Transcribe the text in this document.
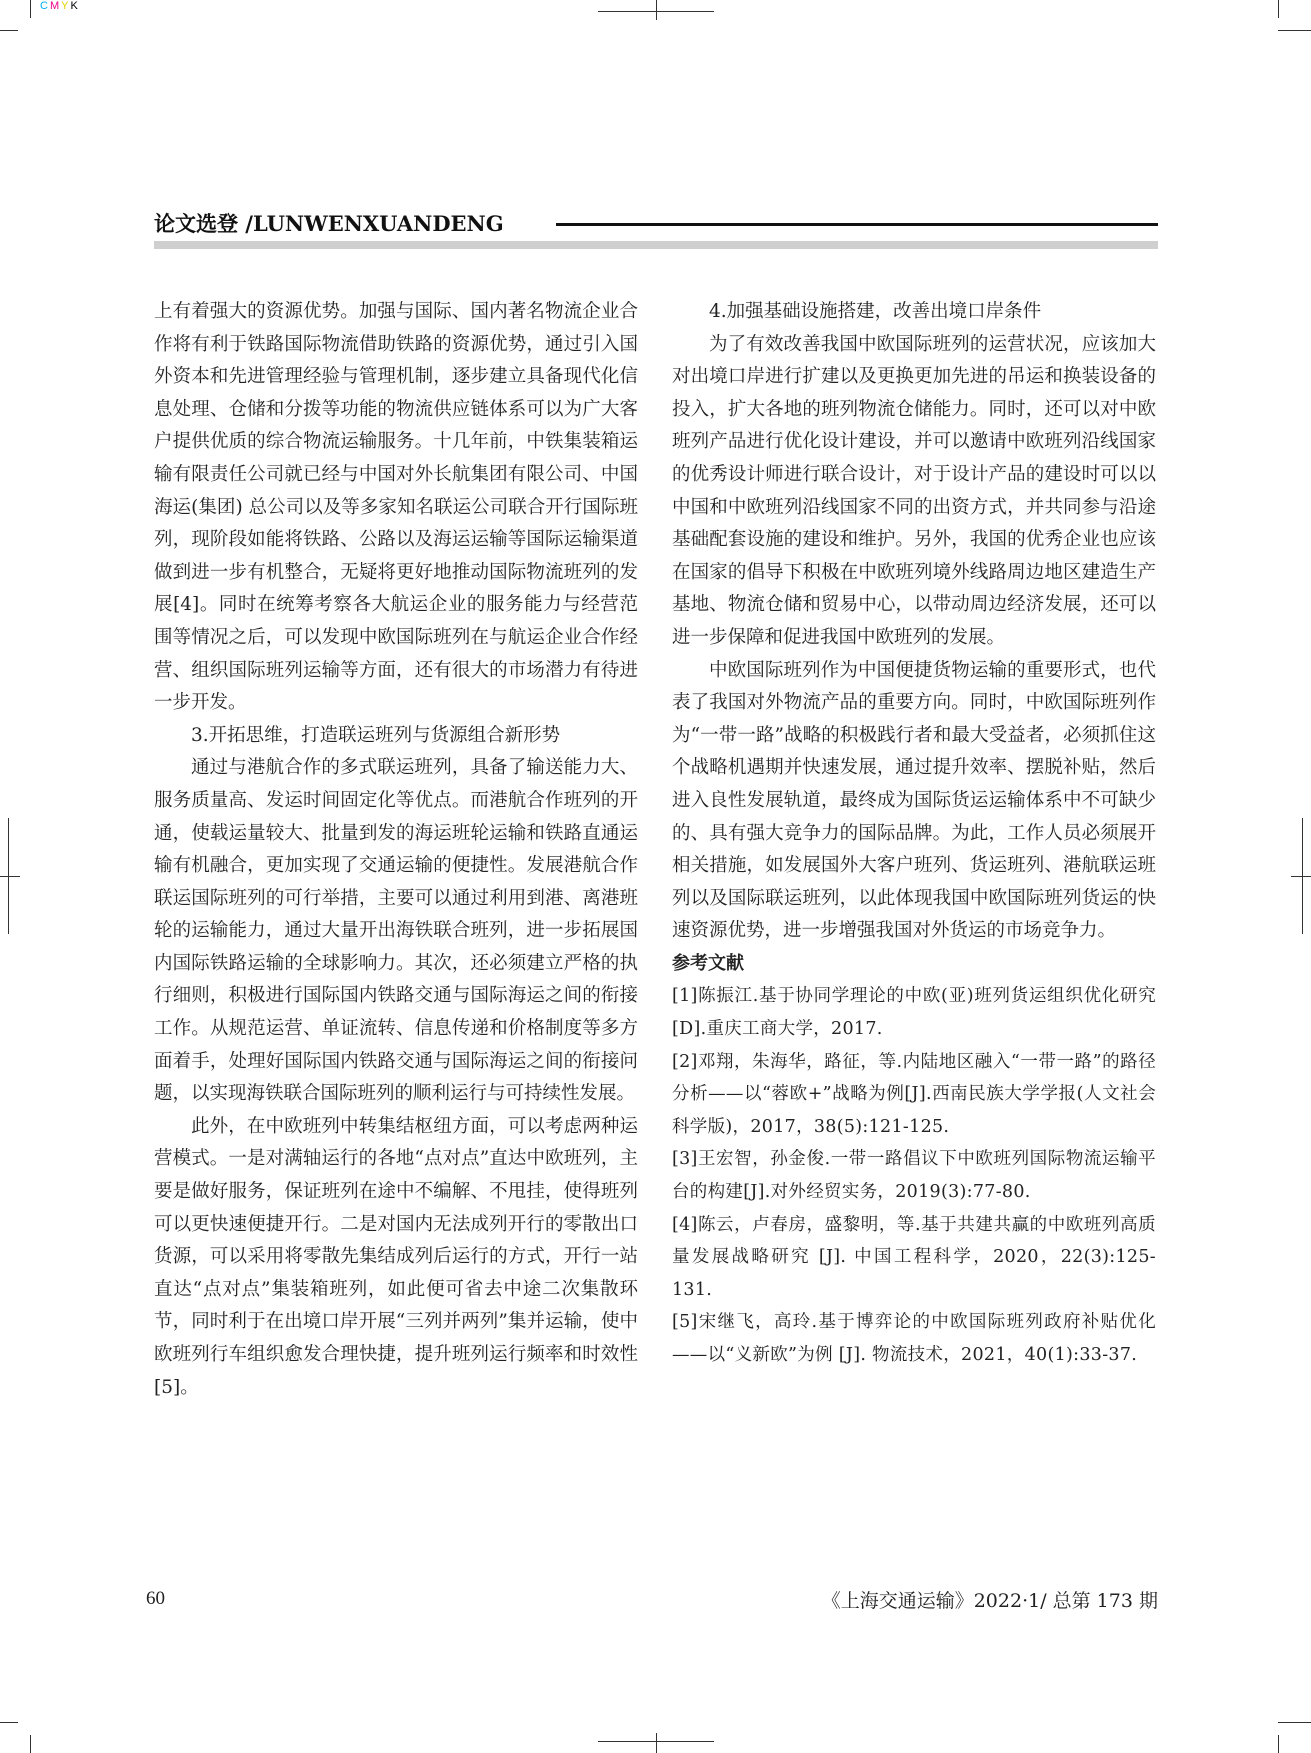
CMYK
论文选登 /LUNWENXUANDENG

上有着强大的资源优势。加强与国际、国内著名物流企业合作将有利于铁路国际物流借助铁路的资源优势，通过引入国外资本和先进管理经验与管理机制，逐步建立具备现代化信息处理、仓储和分拨等功能的物流供应链体系可以为广大客户提供优质的综合物流运输服务。十几年前，中铁集装箱运输有限责任公司就已经与中国对外长航集团有限公司、中国海运(集团) 总公司以及等多家知名联运公司联合开行国际班列，现阶段如能将铁路、公路以及海运运输等国际运输渠道做到进一步有机整合，无疑将更好地推动国际物流班列的发展[4]。同时在统筹考察各大航运企业的服务能力与经营范围等情况之后，可以发现中欧国际班列在与航运企业合作经营、组织国际班列运输等方面，还有很大的市场潜力有待进一步开发。

3.开拓思维，打造联运班列与货源组合新形势

通过与港航合作的多式联运班列，具备了输送能力大、服务质量高、发运时间固定化等优点。而港航合作班列的开通，使载运量较大、批量到发的海运班轮运输和铁路直通运输有机融合，更加实现了交通运输的便捷性。发展港航合作联运国际班列的可行举措，主要可以通过利用到港、离港班轮的运输能力，通过大量开出海铁联合班列，进一步拓展国内国际铁路运输的全球影响力。其次，还必须建立严格的执行细则，积极进行国际国内铁路交通与国际海运之间的衔接工作。从规范运营、单证流转、信息传递和价格制度等多方面着手，处理好国际国内铁路交通与国际海运之间的衔接问题，以实现海铁联合国际班列的顺利运行与可持续性发展。

此外，在中欧班列中转集结枢纽方面，可以考虑两种运营模式。一是对满轴运行的各地“点对点”直达中欧班列，主要是做好服务，保证班列在途中不编解、不甩挂，使得班列可以更快速便捷开行。二是对国内无法成列开行的零散出口货源，可以采用将零散先集结成列后运行的方式，开行一站直达“点对点”集装箱班列，如此便可省去中途二次集散环节，同时利于在出境口岸开展“三列并两列”集并运输，使中欧班列行车组织愈发合理快捷，提升班列运行频率和时效性[5]。

4.加强基础设施搭建，改善出境口岸条件

为了有效改善我国中欧国际班列的运营状况，应该加大对出境口岸进行扩建以及更换更加先进的吊运和换装设备的投入，扩大各地的班列物流仓储能力。同时，还可以对中欧班列产品进行优化设计建设，并可以邀请中欧班列沿线国家的优秀设计师进行联合设计，对于设计产品的建设时可以以中国和中欧班列沿线国家不同的出资方式，并共同参与沿途基础配套设施的建设和维护。另外，我国的优秀企业也应该在国家的倡导下积极在中欧班列境外线路周边地区建造生产基地、物流仓储和贸易中心，以带动周边经济发展，还可以进一步保障和促进我国中欧班列的发展。

中欧国际班列作为中国便捷货物运输的重要形式，也代表了我国对外物流产品的重要方向。同时，中欧国际班列作为“一带一路”战略的积极践行者和最大受益者，必须抓住这个战略机遇期并快速发展，通过提升效率、摆脱补贴，然后进入良性发展轨道，最终成为国际货运运输体系中不可缺少的、具有强大竞争力的国际品牌。为此，工作人员必须展开相关措施，如发展国外大客户班列、货运班列、港航联运班列以及国际联运班列，以此体现我国中欧国际班列货运的快速资源优势，进一步增强我国对外货运的市场竞争力。

参考文献

[1]陈振江.基于协同学理论的中欧(亚)班列货运组织优化研究[D].重庆工商大学，2017.

[2]邓翔，朱海华，路征，等.内陆地区融入“一带一路”的路径分析——以“蓉欧+”战略为例[J].西南民族大学学报(人文社会科学版)，2017，38(5):121-125.

[3]王宏智，孙金俊.一带一路倡议下中欧班列国际物流运输平台的构建[J].对外经贸实务，2019(3):77-80.

[4]陈云，卢春房，盛黎明，等.基于共建共赢的中欧班列高质量发展战略研究 [J]. 中国工程科学，2020，22(3):125-131.

[5]宋继飞，高玲.基于博弈论的中欧国际班列政府补贴优化——以“义新欧”为例 [J]. 物流技术，2021，40(1):33-37.

60	《上海交通运输》2022·1/ 总第 173 期
